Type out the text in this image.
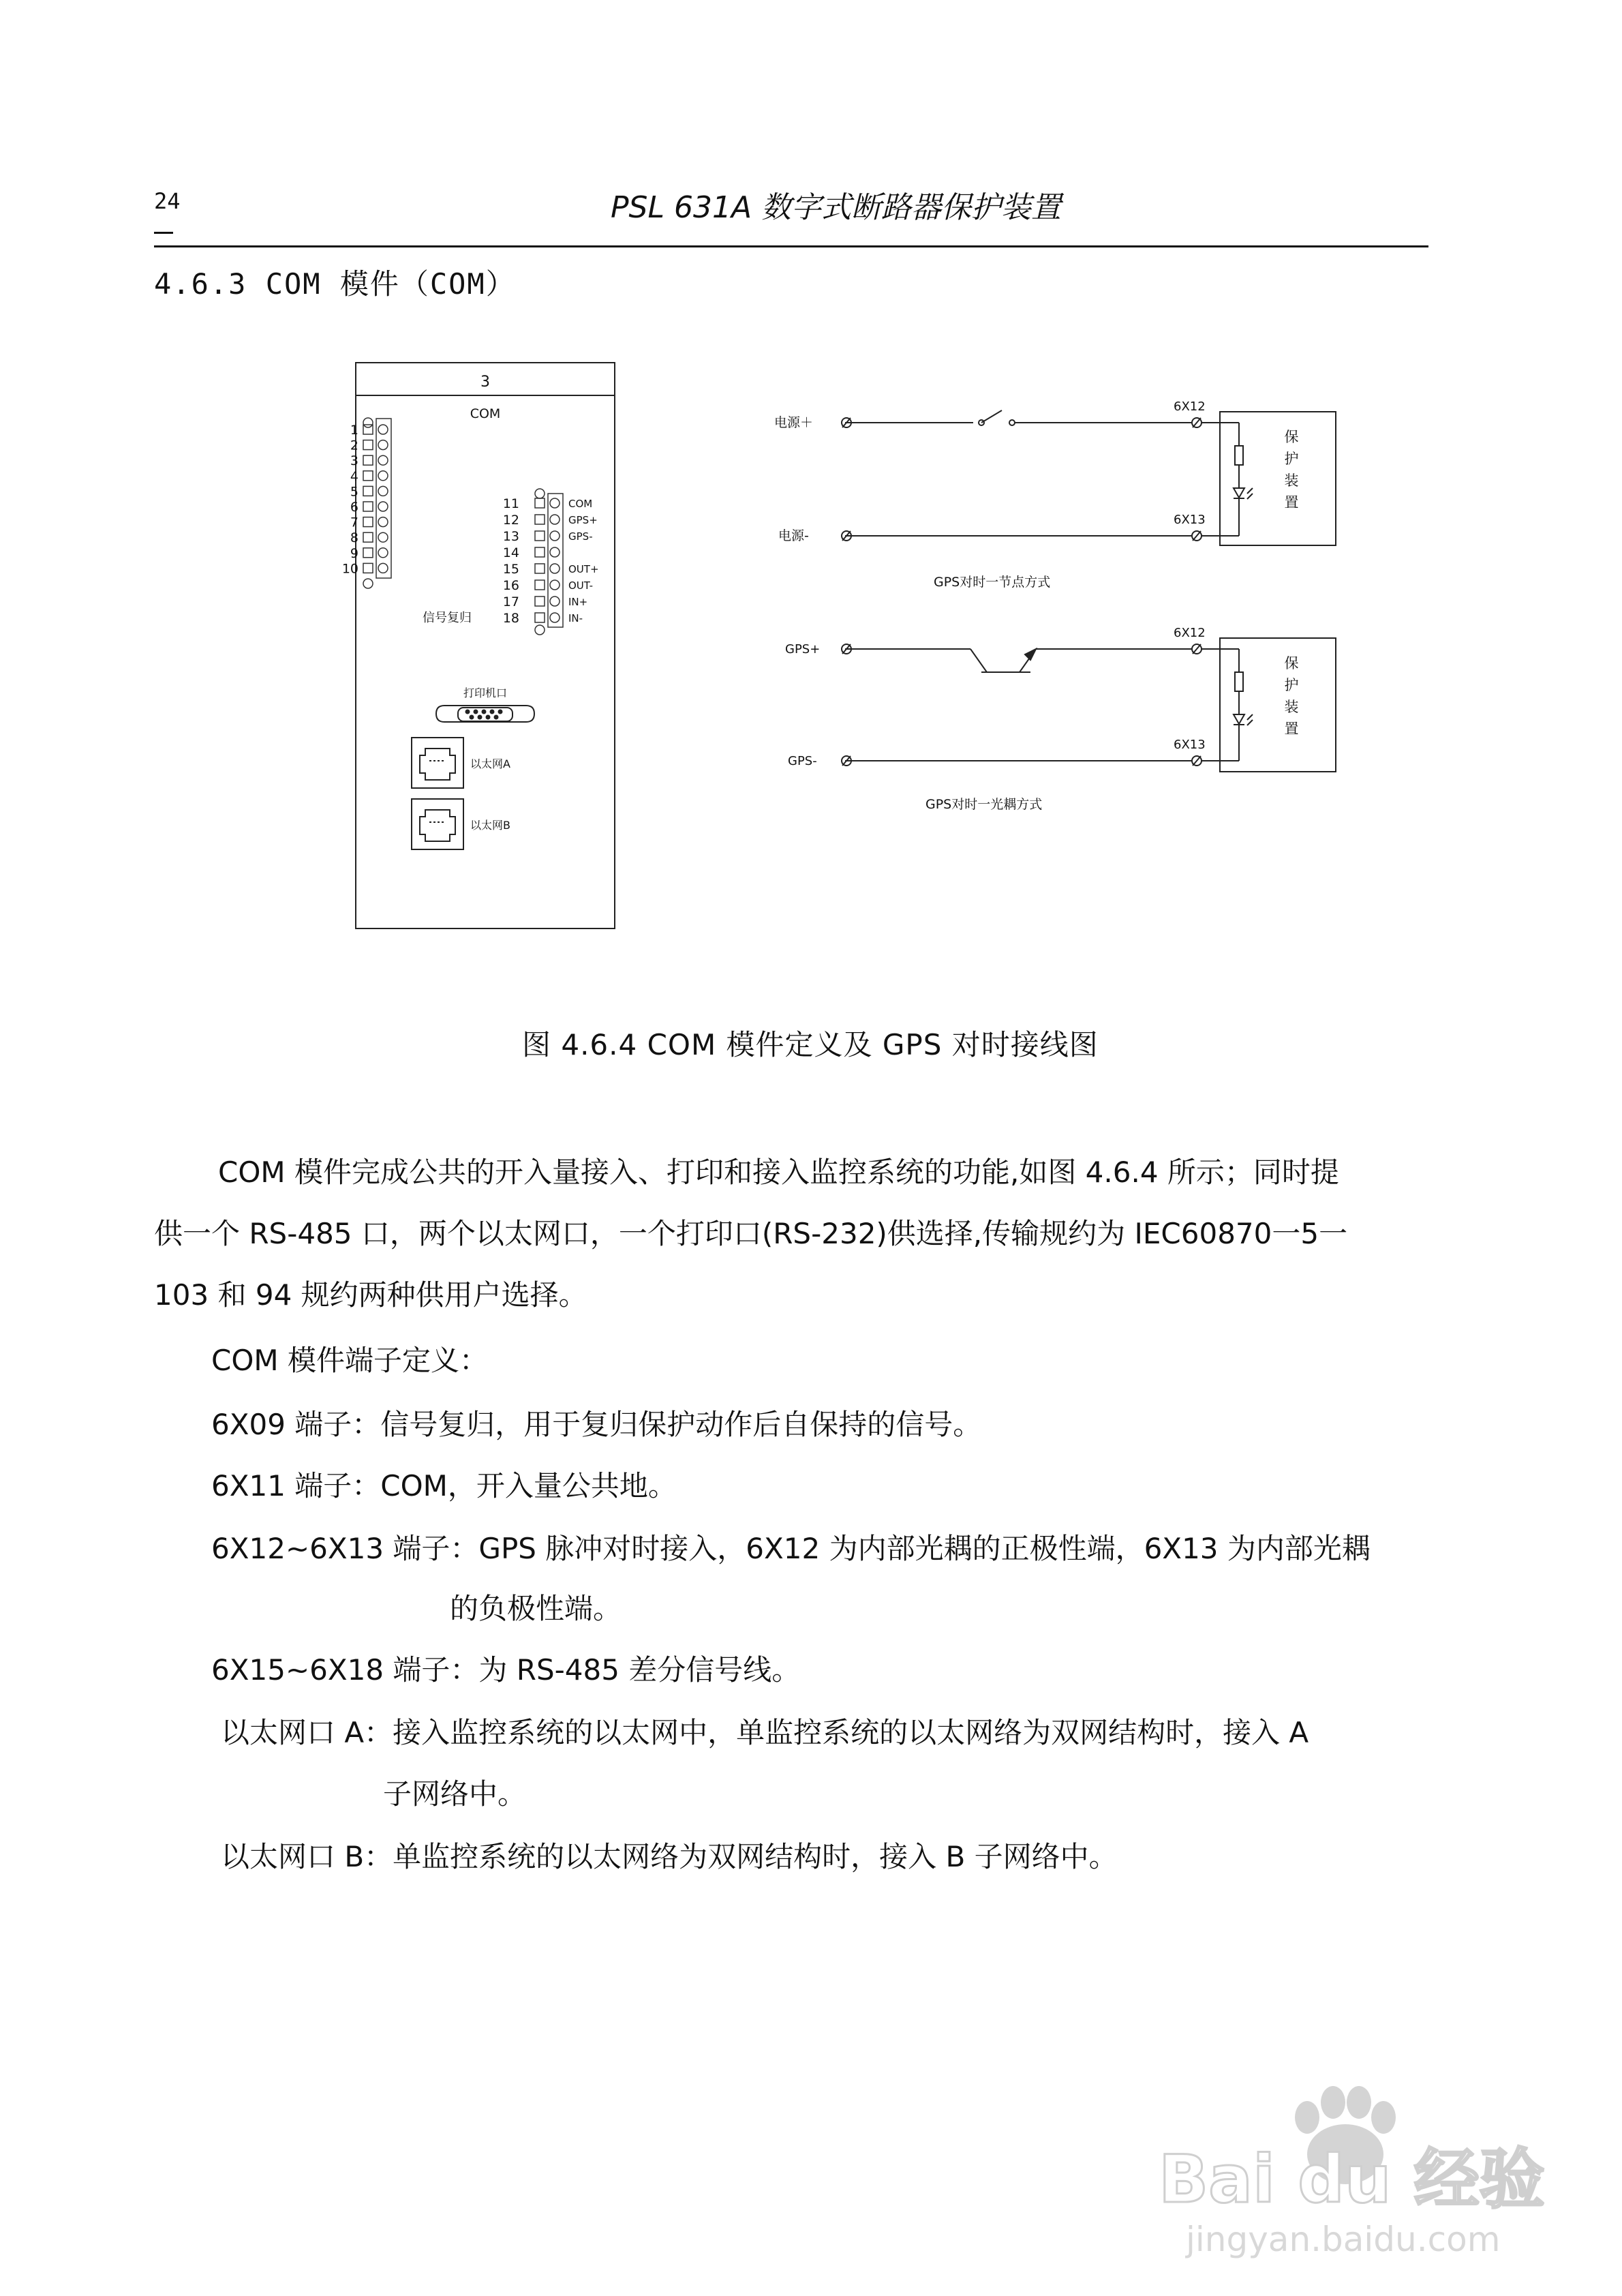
24	PSL 631A 数字式断路器保护装置
4.6.3 COM 模件（COM）
3
COM
1
2
3
4
5
6
7
8
9
10
11
12
13
14
15
16
17
18
COM
GPS+
GPS-
OUT+
OUT-
IN+
IN-
信号复归
打印机口
以太网A
以太网B
电源＋
电源-
6X12
6X13
保
护
装
置
GPS对时一节点方式
GPS+
GPS-
6X12
6X13
保
护
装
置
GPS对时一光耦方式
图 4.6.4 COM 模件定义及 GPS 对时接线图
COM 模件完成公共的开入量接入、打印和接入监控系统的功能,如图 4.6.4 所示；同时提
供一个 RS-485 口，两个以太网口，一个打印口(RS-232)供选择,传输规约为 IEC60870一5一
103 和 94 规约两种供用户选择。
COM 模件端子定义：
6X09 端子：信号复归，用于复归保护动作后自保持的信号。
6X11 端子：COM，开入量公共地。
6X12~6X13 端子：GPS 脉冲对时接入，6X12 为内部光耦的正极性端，6X13 为内部光耦
的负极性端。
6X15~6X18 端子：为 RS-485 差分信号线。
以太网口 A：接入监控系统的以太网中，单监控系统的以太网络为双网结构时，接入 A
子网络中。
以太网口 B：单监控系统的以太网络为双网结构时，接入 B 子网络中。
Bai du 经验
jingyan.baidu.com
